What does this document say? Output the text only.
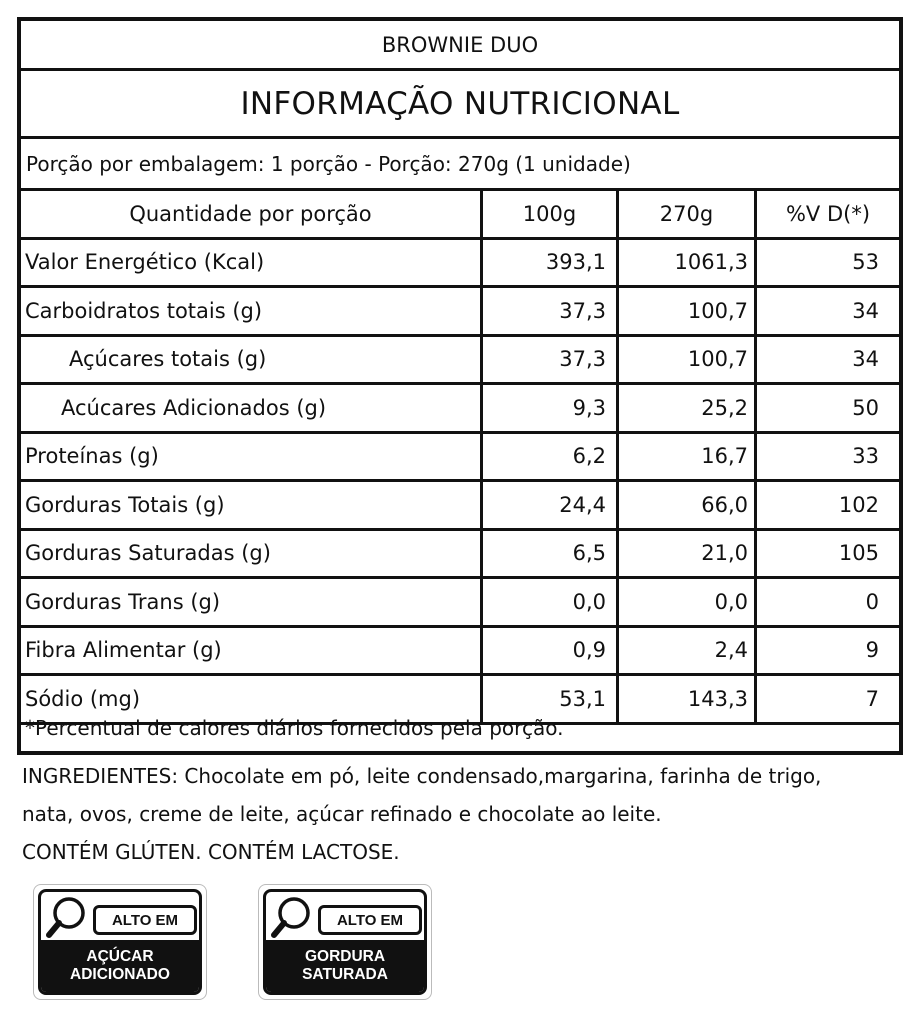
BROWNIE DUO
INFORMAÇÃO NUTRICIONAL
Porção por embalagem: 1 porção - Porção: 270g (1 unidade)
Quantidade por porção	100g	270g	%V D(*)
Valor Energético (Kcal)	393,1	1061,3	53
Carboidratos totais (g)	37,3	100,7	34
Açúcares totais (g)	37,3	100,7	34
Acúcares Adicionados (g)	9,3	25,2	50
Proteínas (g)	6,2	16,7	33
Gorduras Totais (g)	24,4	66,0	102
Gorduras Saturadas (g)	6,5	21,0	105
Gorduras Trans (g)	0,0	0,0	0
Fibra Alimentar (g)	0,9	2,4	9
Sódio (mg)	53,1	143,3	7
*Percentual de calores diários fornecidos pela porção.
INGREDIENTES: Chocolate em pó, leite condensado,margarina, farinha de trigo,
nata, ovos, creme de leite, açúcar refinado e chocolate ao leite.
CONTÉM GLÚTEN. CONTÉM LACTOSE.
ALTO EM
AÇÚCAR
ADICIONADO
ALTO EM
GORDURA
SATURADA
